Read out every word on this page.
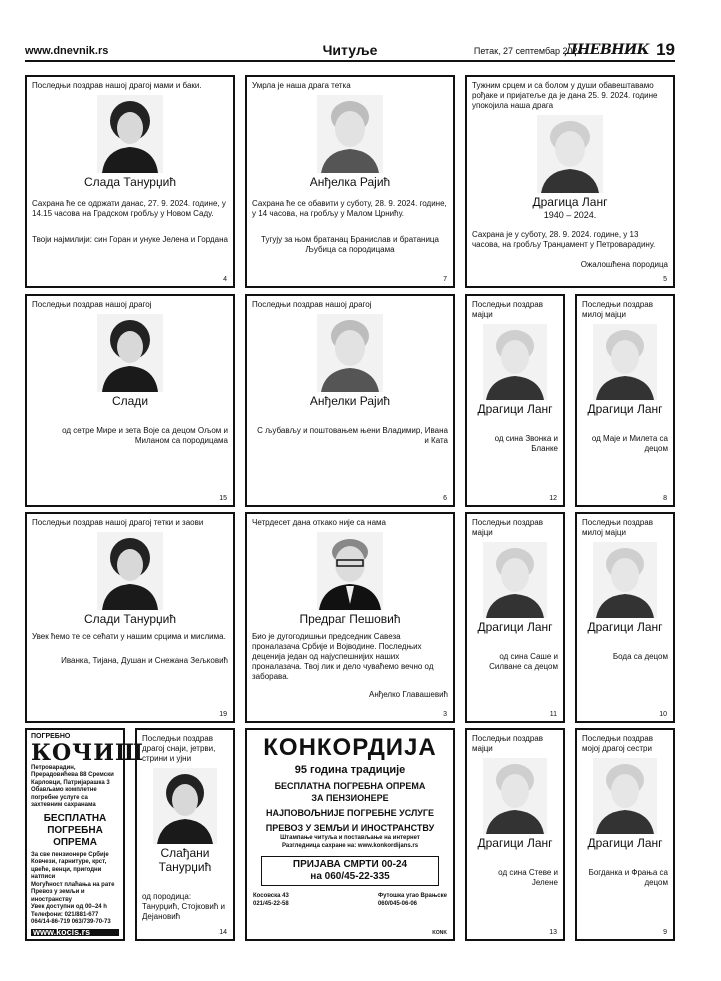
www.dnevnik.rs	Читуље	Петак, 27 септембар 2024.
ДНЕВНИК 19
Последњи поздрав нашој драгој мами и баки.
Слада Танурџић
Сахрана ће се одржати данас, 27. 9. 2024. године, у 14.15 часова на Градском гробљу у Новом Саду.
Твоји најмилији: син Горан и унуке Јелена и Гордана
4
Умрла је наша драга тетка
Анђелка Рајић
Сахрана ће се обавити у суботу, 28. 9. 2024. године, у 14 часова, на гробљу у Малом Црнићу.
Тугују за њом братанац Бранислав и братаница Љубица са породицама
7
Тужним срцем и са болом у души обавештавамо рођаке и пријатеље да је дана 25. 9. 2024. године упокојила наша драга
Драгица Ланг
1940 – 2024.
Сахрана је у суботу, 28. 9. 2024. године, у 13 часова, на гробљу Транџамент у Петроварадину.
Ожалошћена породица
5
Последњи поздрав нашој драгој
Слади
од сетре Мире и зета Воје са децом Ољом и Миланом са породицама
15
Последњи поздрав нашој драгој
Анђелки Рајић
С љубављу и поштовањем њени Владимир, Ивана и Ката
6
Последњи поздрав мајци
Драгици Ланг
од сина Звонка и Бланке
12
Последњи поздрав милој мајци
Драгици Ланг
од Маје и Милета са децом
8
Последњи поздрав нашој драгој тетки и заови
Слади Танурџић
Увек ћемо те се сећати у нашим срцима и мислима.
Иванка, Тијана, Душан и Снежана Зељковић
19
Четрдесет дана откако није са нама
Предраг Пешовић
Био је дугогодишњи председник Савеза проналазача Србије и Војводине. Последњих деценија један од најуспешнијих наших проналазача. Твој лик и дело чуваћемо вечно од заборава.
Анђелко Главашевић
3
Последњи поздрав мајци
Драгици Ланг
од сина Саше и Силване са децом
11
Последњи поздрав милој мајци
Драгици Ланг
Бода са децом
10
ПОГРЕБНО
КОЧИШ
Петроварадин, Прерадовићева 88 Сремски Карловци, Патријарашка 3
Обављамо комплетне погребне услуге са захтевним сахранама
БЕСПЛАТНА ПОГРЕБНА ОПРЕМА
За све пензионере Србије
Ковчези, гарнитуре, крст, цвеће, венци, пригодни натписи
Могућност плаћања на рате
Превоз у земљи и иностранству
Увек доступни од 00–24 h
Телефони: 021/881-677 064/14-86-719 063/739-70-73
www.kocis.rs
Последњи поздрав драгој снаји, јетрви, стрини и ујни
Слађани Танурџић
од породица: Танурџић, Стојковић и Дејановић
14
КОНКОРДИЈА
95 година традиције
БЕСПЛАТНА ПОГРЕБНА ОПРЕМА
ЗА ПЕНЗИОНЕРЕ
НАЈПОВОЉНИЈЕ ПОГРЕБНЕ УСЛУГЕ
ПРЕВОЗ У ЗЕМЉИ И ИНОСТРАНСТВУ
Штампање читуља и постављање на интернет
Разгледница сахране на: www.konkordijans.rs
ПРИЈАВА СМРТИ 00-24
на 060/45-22-335
Косовска 43
021/45-22-58
Футошка угао Врањске
060/045-06-06
KONK
Последњи поздрав мајци
Драгици Ланг
од сина Стеве и Јелене
13
Последњи поздрав мојој драгој сестри
Драгици Ланг
Богданка и Фрања са децом
9
